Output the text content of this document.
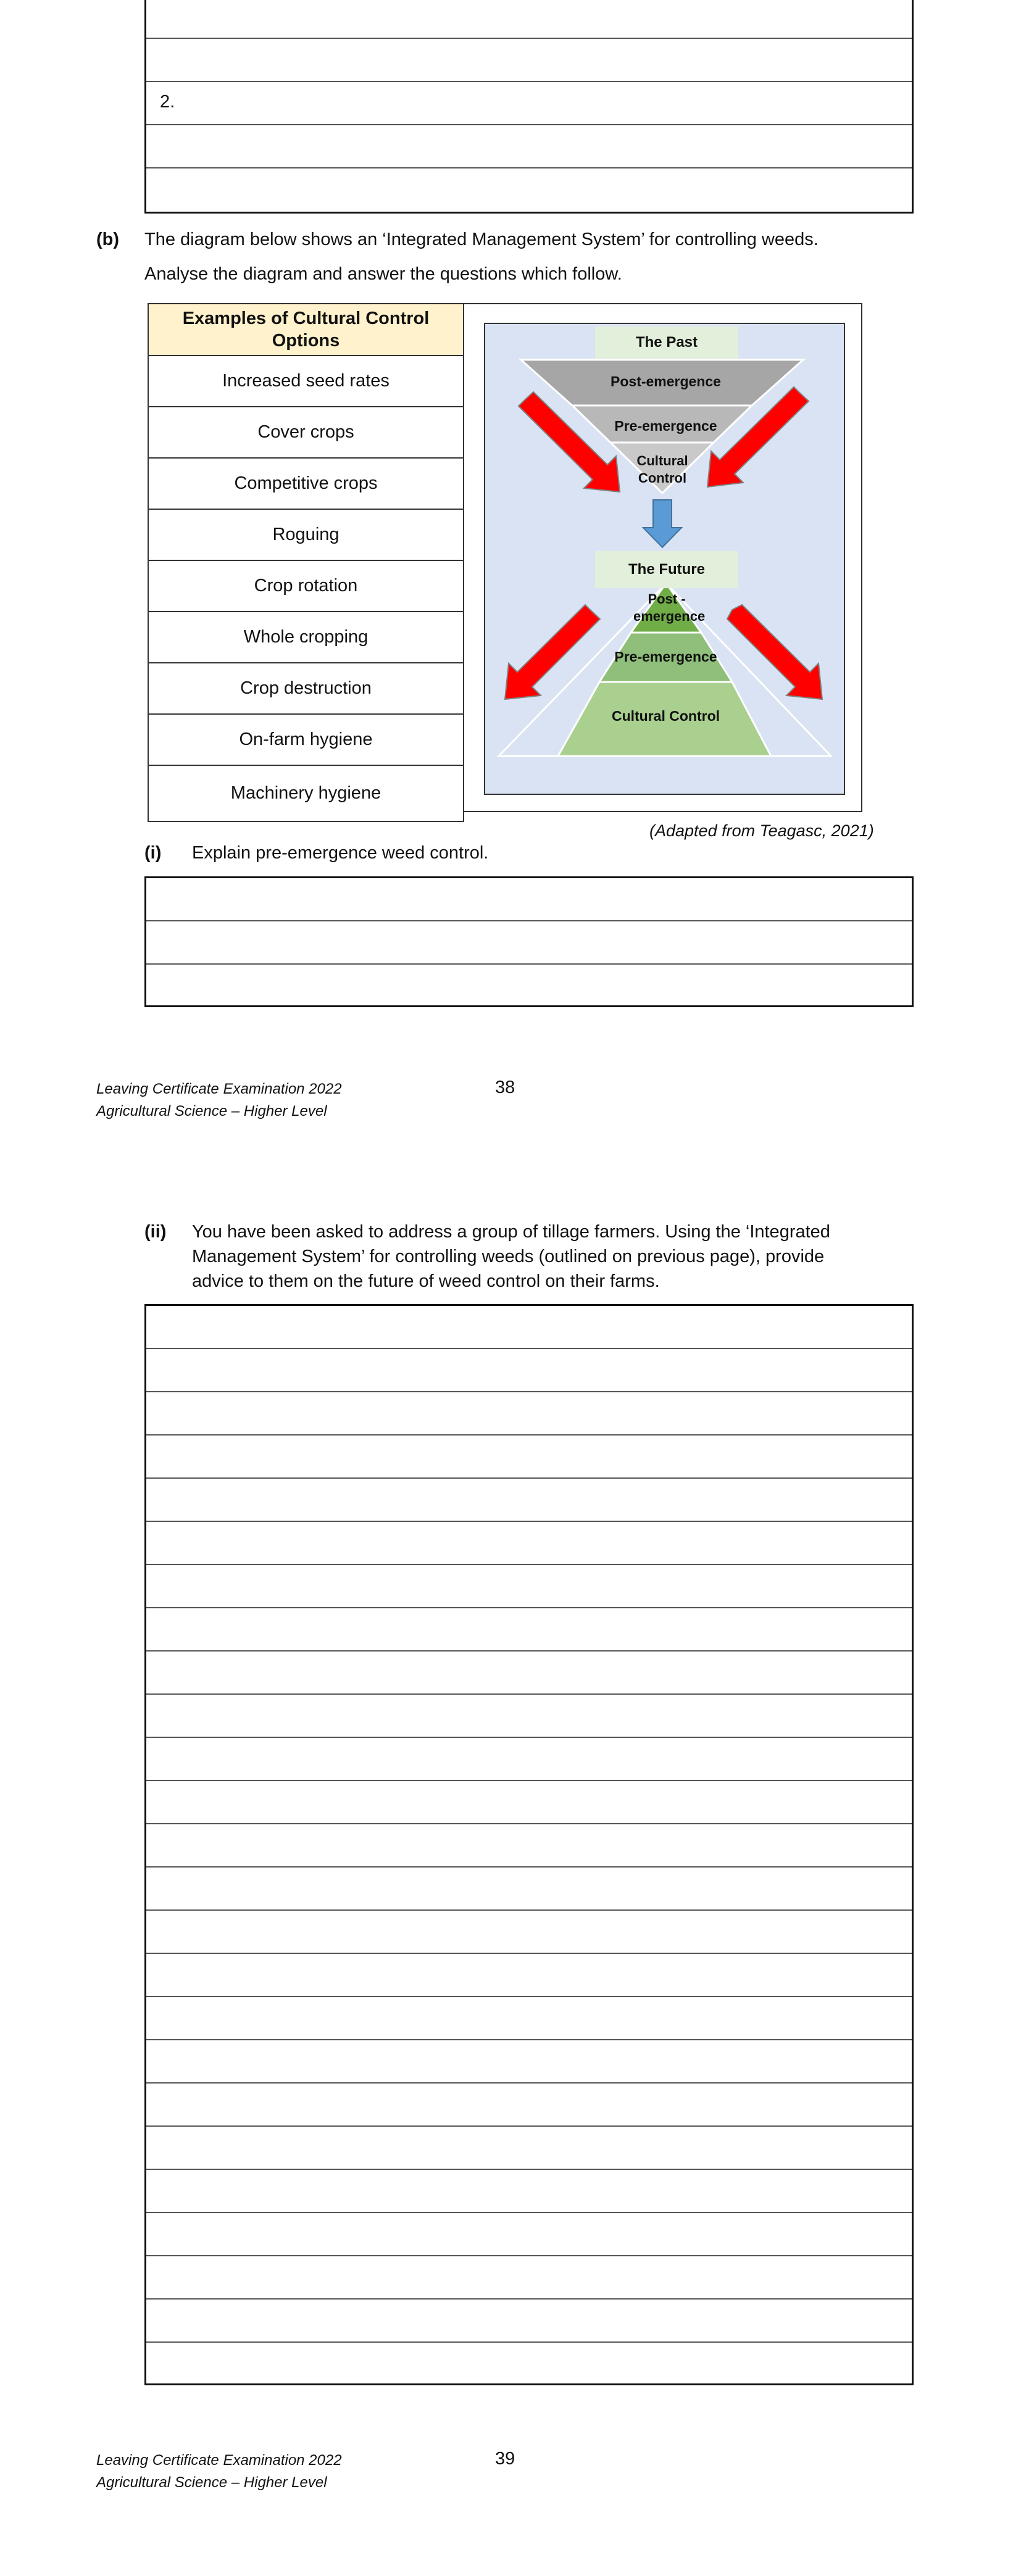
2.
(b) The diagram below shows an ‘Integrated Management System’ for controlling weeds.
Analyse the diagram and answer the questions which follow.
Examples of Cultural Control Options
Increased seed rates
Cover crops
Competitive crops
Roguing
Crop rotation
Whole cropping
Crop destruction
On-farm hygiene
Machinery hygiene
The Past
Post-emergence
Pre-emergence
Cultural Control
The Future
Post - emergence
Pre-emergence
Cultural Control
(Adapted from Teagasc, 2021)
(i) Explain pre-emergence weed control.
Leaving Certificate Examination 2022
Agricultural Science – Higher Level
38
(ii) You have been asked to address a group of tillage farmers. Using the ‘Integrated
Management System’ for controlling weeds (outlined on previous page), provide
advice to them on the future of weed control on their farms.
Leaving Certificate Examination 2022
Agricultural Science – Higher Level
39
